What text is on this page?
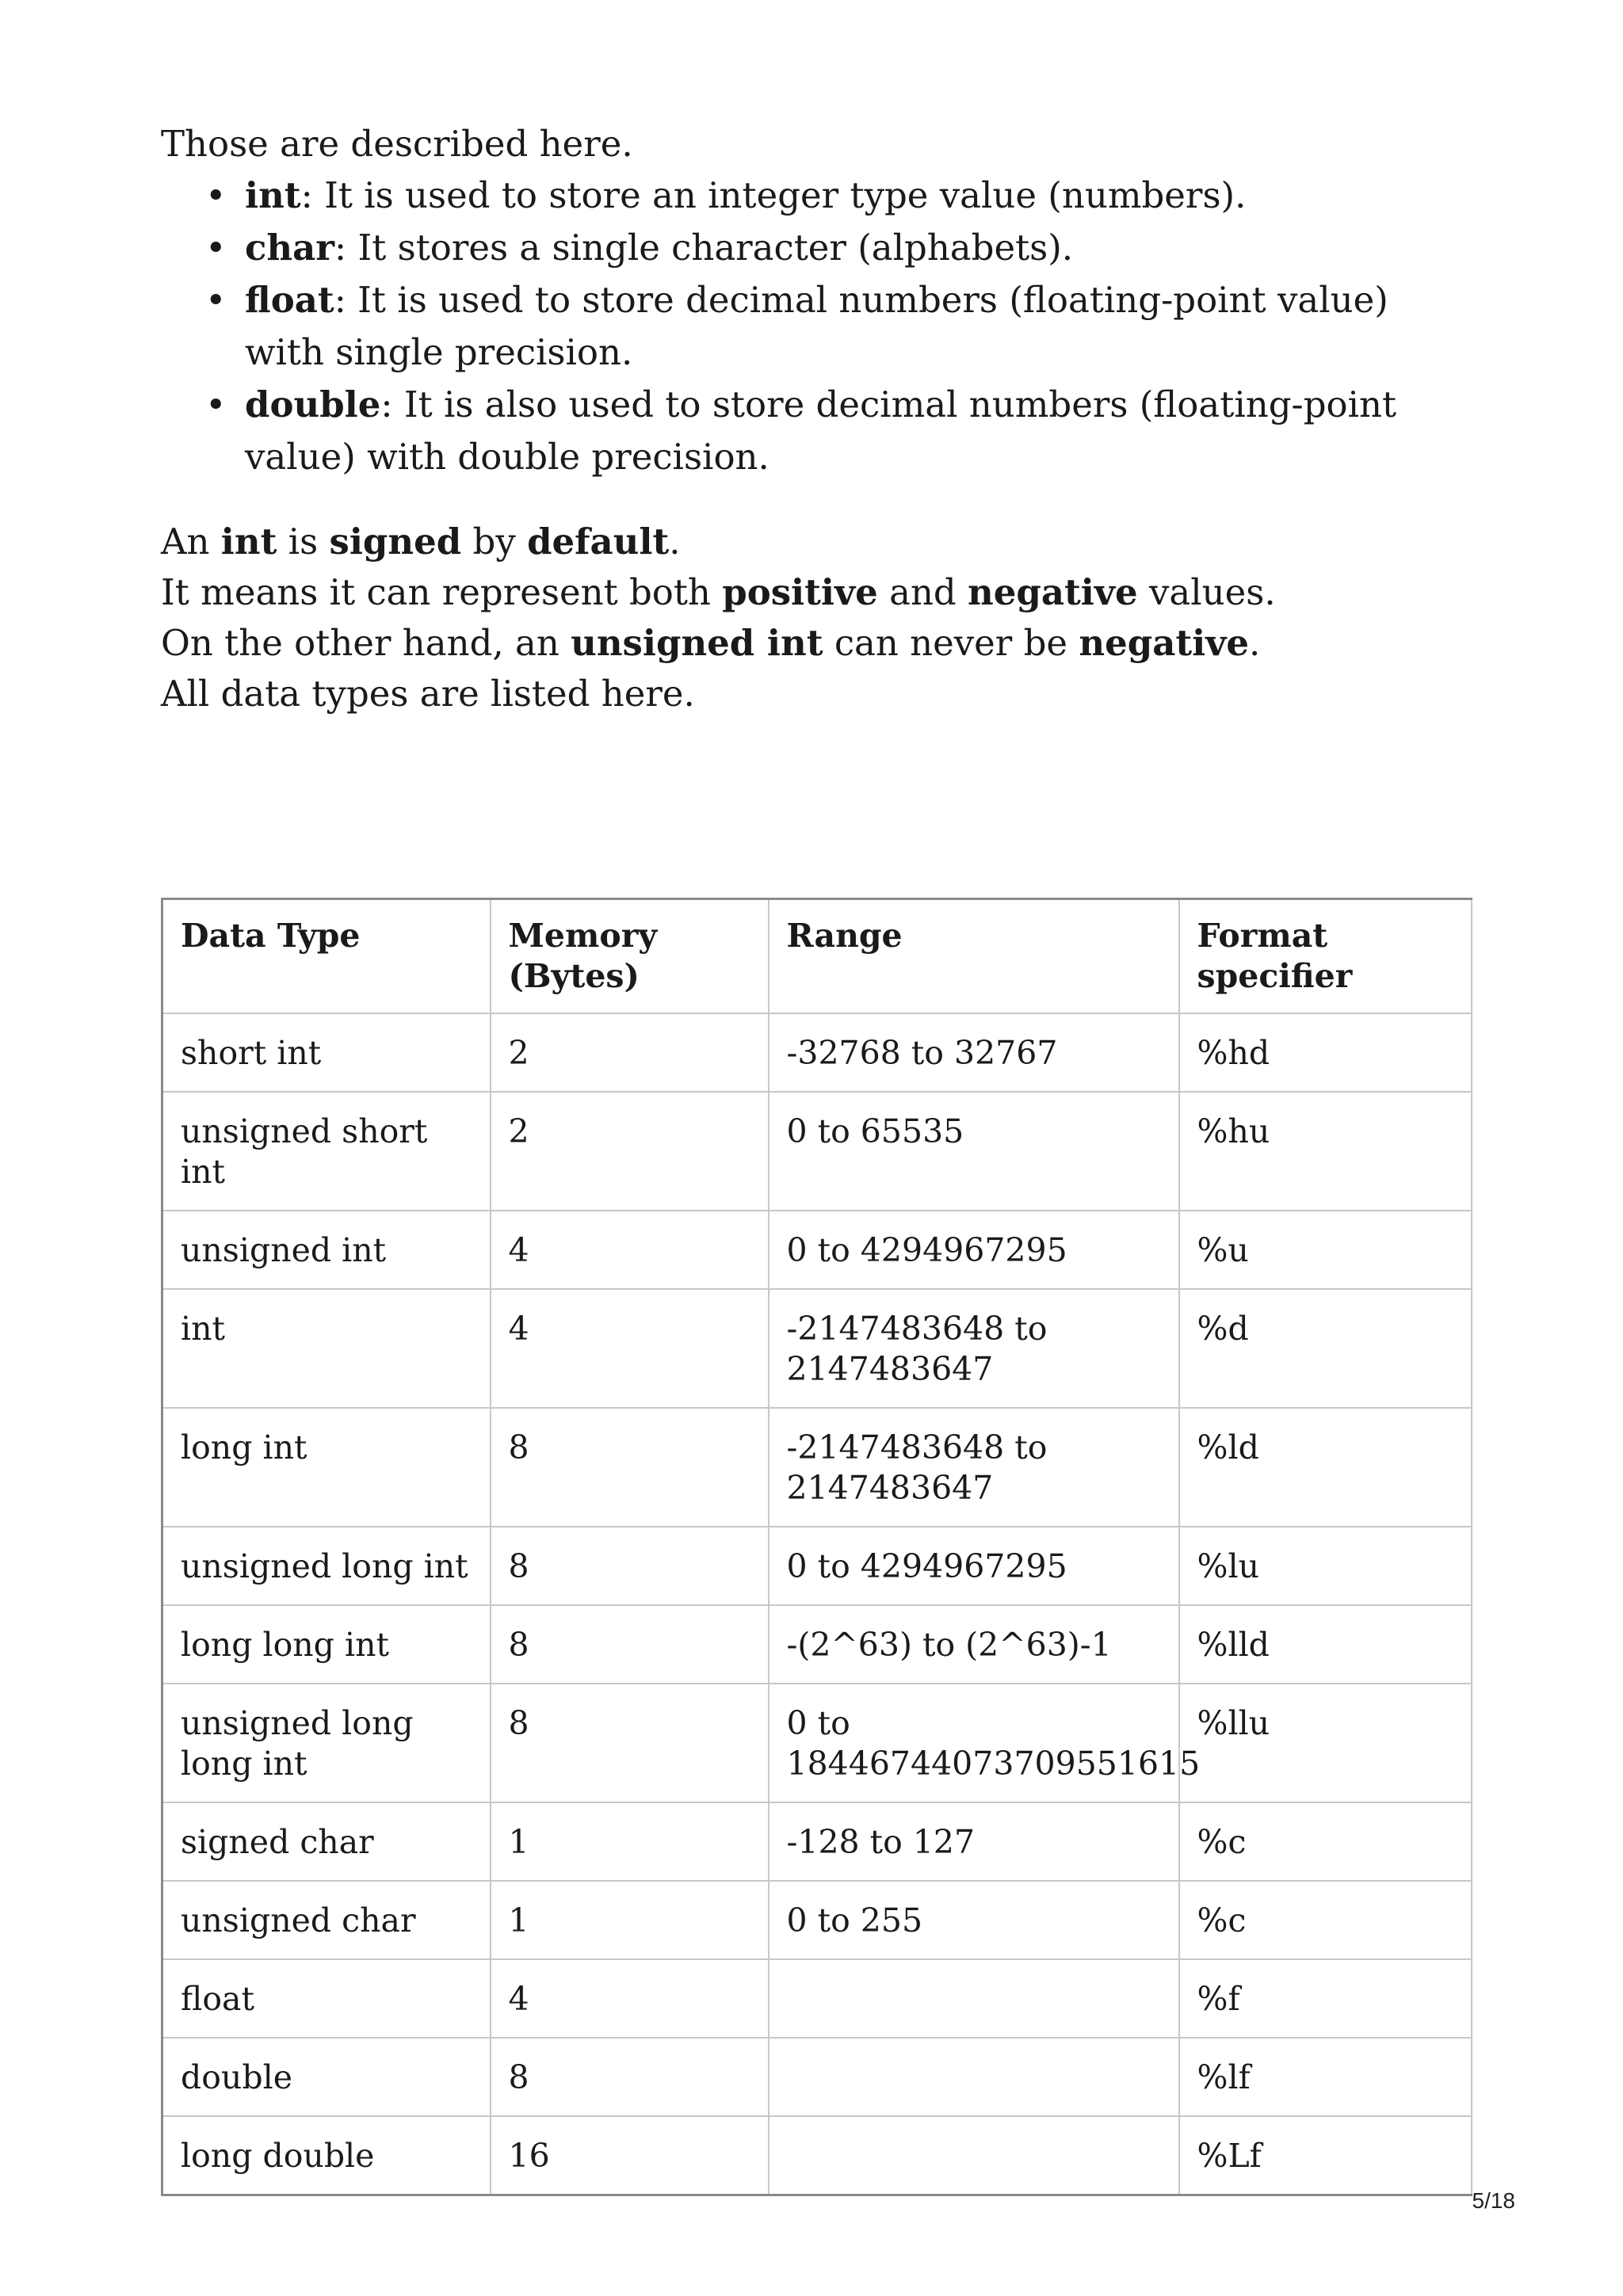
Those are described here.

• int: It is used to store an integer type value (numbers).
• char: It stores a single character (alphabets).
• float: It is used to store decimal numbers (floating-point value) with single precision.
• double: It is also used to store decimal numbers (floating-point value) with double precision.

An int is signed by default.

It means it can represent both positive and negative values.

On the other hand, an unsigned int can never be negative.

All data types are listed here.

Data Type	Memory (Bytes)	Range	Format specifier
short int	2	-32768 to 32767	%hd
unsigned short int	2	0 to 65535	%hu
unsigned int	4	0 to 4294967295	%u
int	4	-2147483648 to 2147483647	%d
long int	8	-2147483648 to 2147483647	%ld
unsigned long int	8	0 to 4294967295	%lu
long long int	8	-(2^63) to (2^63)-1	%lld
unsigned long long int	8	0 to 18446744073709551615	%llu
signed char	1	-128 to 127	%c
unsigned char	1	0 to 255	%c
float	4		%f
double	8		%lf
long double	16		%Lf
5/18
